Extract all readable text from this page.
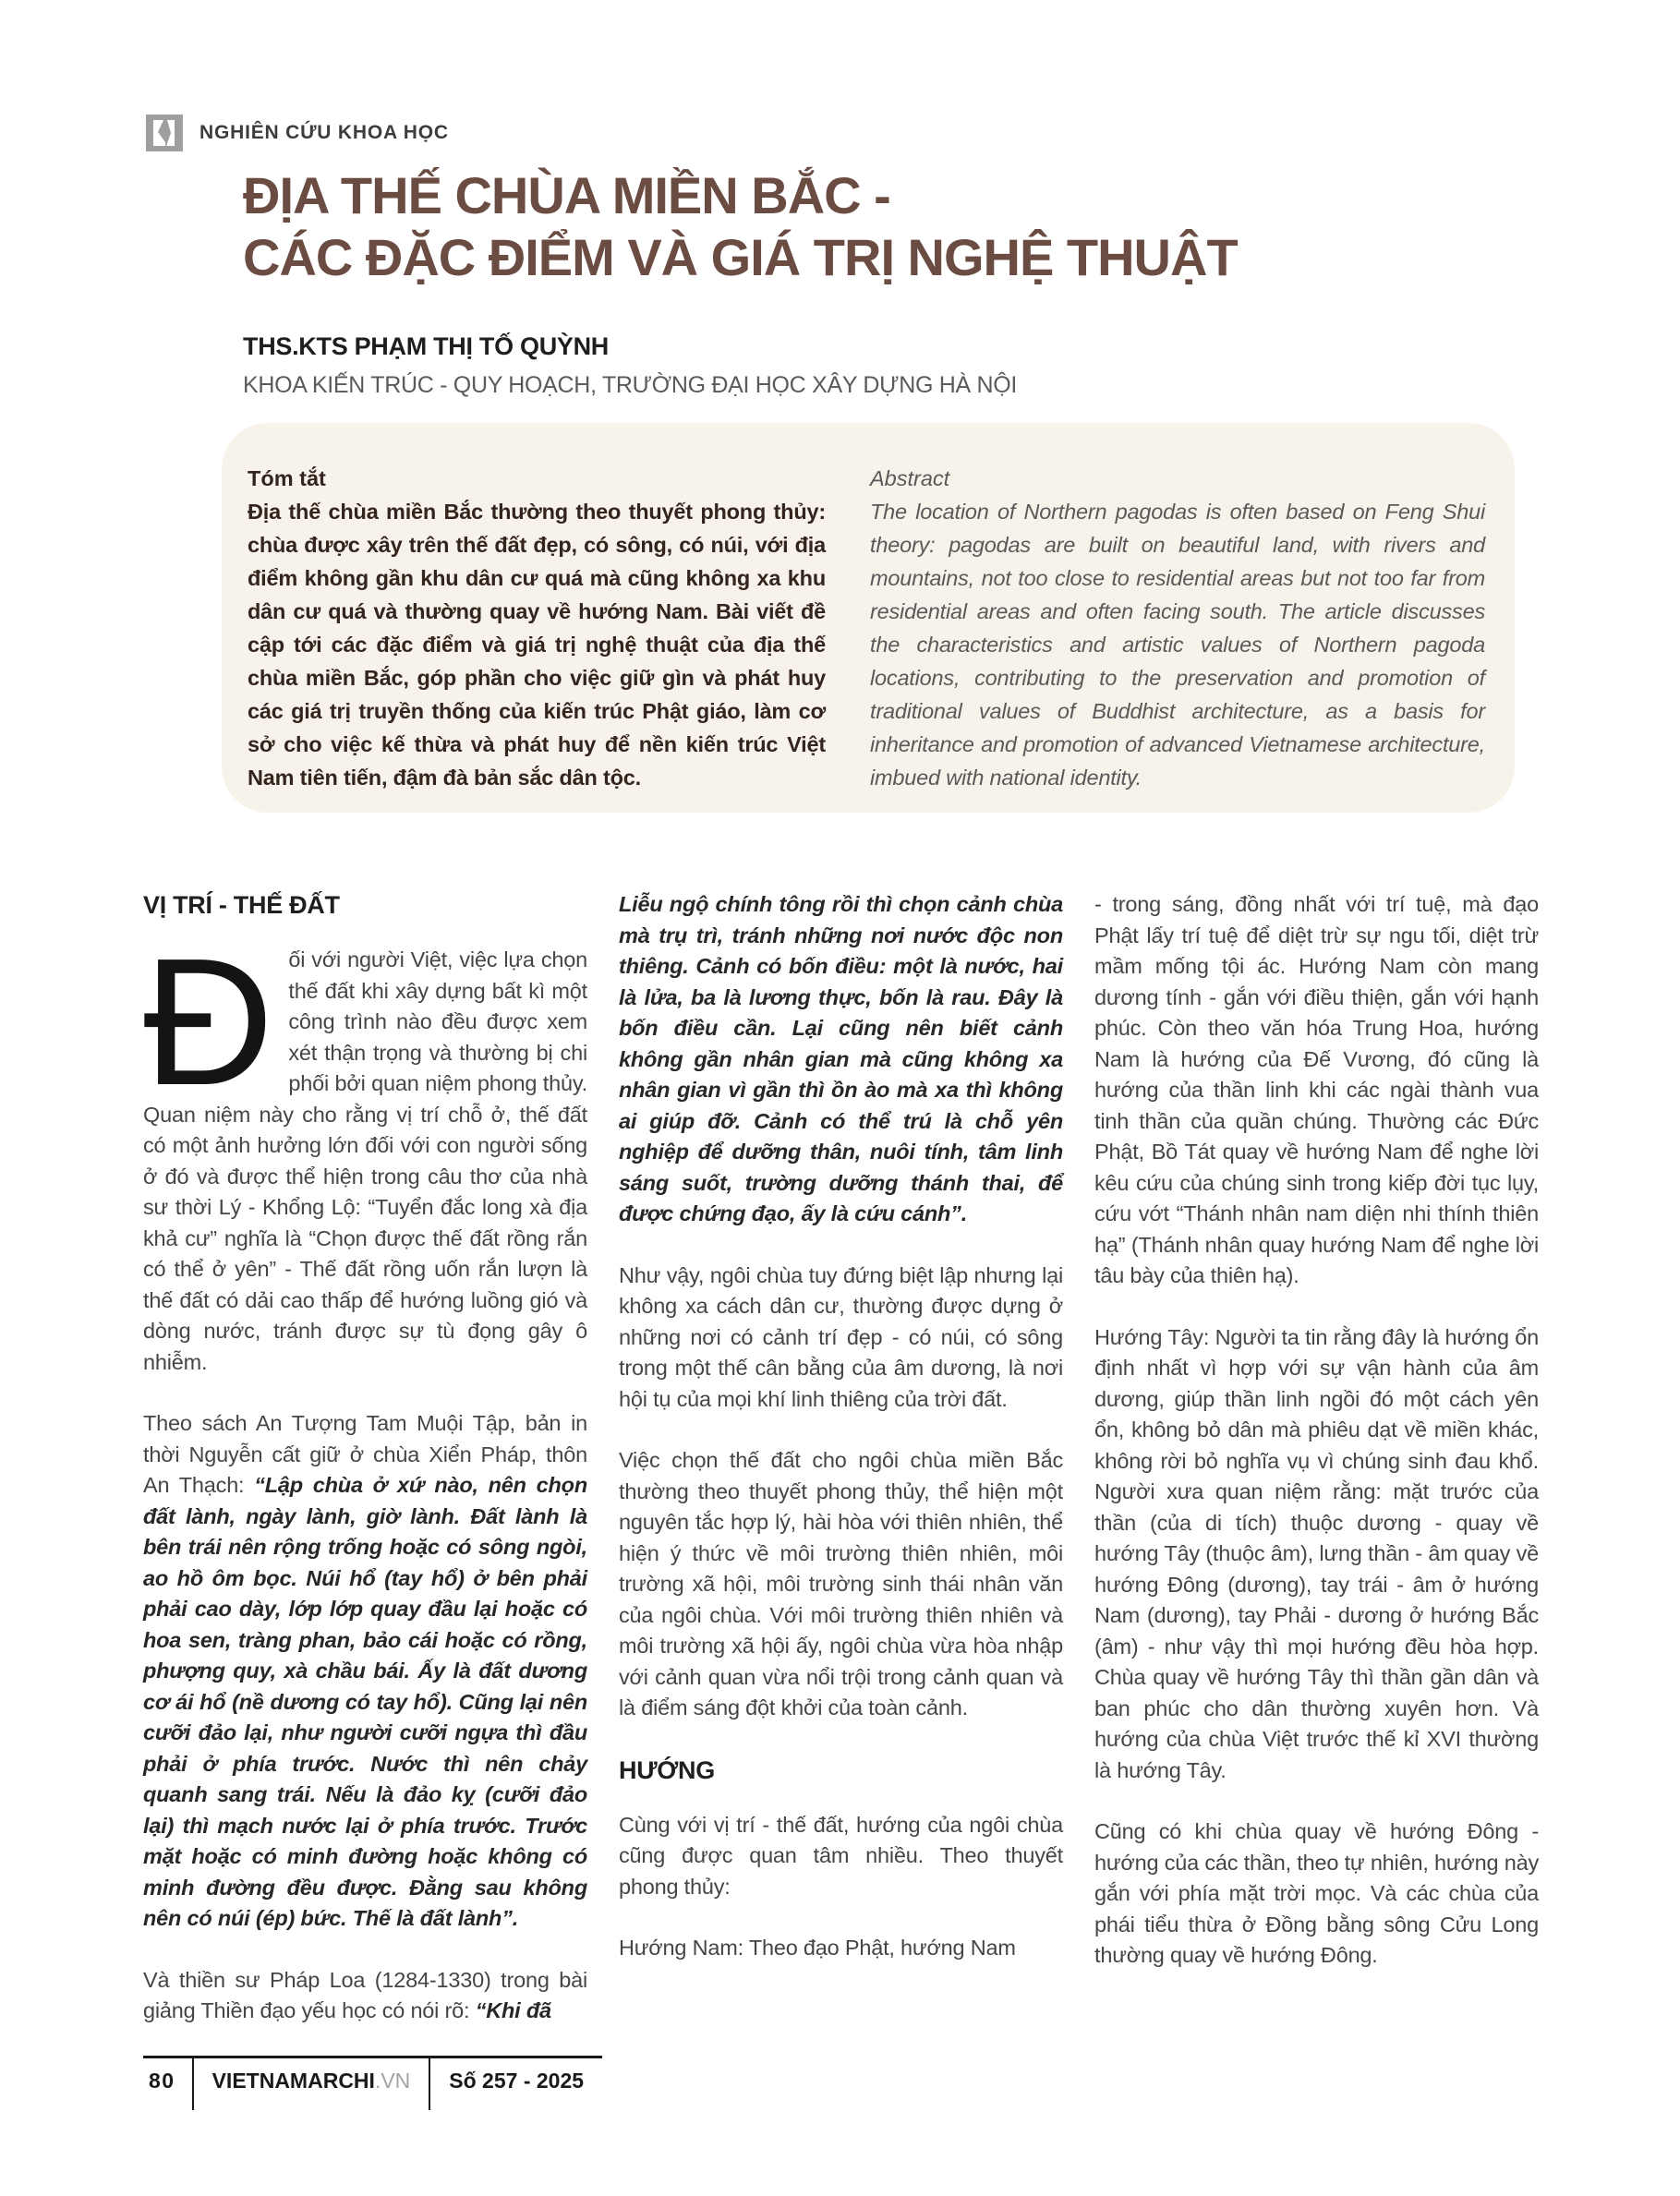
NGHIÊN CỨU KHOA HỌC
ĐỊA THẾ CHÙA MIỀN BẮC -
CÁC ĐẶC ĐIỂM VÀ GIÁ TRỊ NGHỆ THUẬT
THS.KTS PHẠM THỊ TỐ QUỲNH
KHOA KIẾN TRÚC - QUY HOẠCH, TRƯỜNG ĐẠI HỌC XÂY DỰNG HÀ NỘI
Tóm tắt

Địa thế chùa miền Bắc thường theo thuyết phong thủy: chùa được xây trên thế đất đẹp, có sông, có núi, với địa điểm không gần khu dân cư quá mà cũng không xa khu dân cư quá và thường quay về hướng Nam. Bài viết đề cập tới các đặc điểm và giá trị nghệ thuật của địa thế chùa miền Bắc, góp phần cho việc giữ gìn và phát huy các giá trị truyền thống của kiến trúc Phật giáo, làm cơ sở cho việc kế thừa và phát huy để nền kiến trúc Việt Nam tiên tiến, đậm đà bản sắc dân tộc.

Abstract

The location of Northern pagodas is often based on Feng Shui theory: pagodas are built on beautiful land, with rivers and mountains, not too close to residential areas but not too far from residential areas and often facing south. The article discusses the characteristics and artistic values of Northern pagoda locations, contributing to the preservation and promotion of traditional values of Buddhist architecture, as a basis for inheritance and promotion of advanced Vietnamese architecture, imbued with national identity.

VỊ TRÍ - THẾ ĐẤT

Đối với người Việt, việc lựa chọn thế đất khi xây dựng bất kì một công trình nào đều được xem xét thận trọng và thường bị chi phối bởi quan niệm phong thủy. Quan niệm này cho rằng vị trí chỗ ở, thế đất có một ảnh hưởng lớn đối với con người sống ở đó và được thể hiện trong câu thơ của nhà sư thời Lý - Khổng Lộ: “Tuyển đắc long xà địa khả cư” nghĩa là “Chọn được thế đất rồng rắn có thể ở yên” - Thế đất rồng uốn rắn lượn là thế đất có dải cao thấp để hướng luồng gió và dòng nước, tránh được sự tù đọng gây ô nhiễm.

Theo sách An Tượng Tam Muội Tập, bản in thời Nguyễn cất giữ ở chùa Xiển Pháp, thôn An Thạch: “Lập chùa ở xứ nào, nên chọn đất lành, ngày lành, giờ lành. Đất lành là bên trái nên rộng trống hoặc có sông ngòi, ao hồ ôm bọc. Núi hổ (tay hổ) ở bên phải phải cao dày, lớp lớp quay đầu lại hoặc có hoa sen, tràng phan, bảo cái hoặc có rồng, phượng quy, xà chầu bái. Ấy là đất dương cơ ái hổ (nề dương có tay hổ). Cũng lại nên cưỡi đảo lại, như người cưỡi ngựa thì đầu phải ở phía trước. Nước thì nên chảy quanh sang trái. Nếu là đảo kỵ (cưỡi đảo lại) thì mạch nước lại ở phía trước. Trước mặt hoặc có minh đường hoặc không có minh đường đều được. Đằng sau không nên có núi (ép) bức. Thế là đất lành”.

Và thiền sư Pháp Loa (1284-1330) trong bài giảng Thiền đạo yếu học có nói rõ: “Khi đã

Liễu ngộ chính tông rồi thì chọn cảnh chùa mà trụ trì, tránh những nơi nước độc non thiêng. Cảnh có bốn điều: một là nước, hai là lửa, ba là lương thực, bốn là rau. Đây là bốn điều cần. Lại cũng nên biết cảnh không gần nhân gian mà cũng không xa nhân gian vì gần thì ồn ào mà xa thì không ai giúp đỡ. Cảnh có thể trú là chỗ yên nghiệp để dưỡng thân, nuôi tính, tâm linh sáng suốt, trường dưỡng thánh thai, để được chứng đạo, ấy là cứu cánh”.

Như vậy, ngôi chùa tuy đứng biệt lập nhưng lại không xa cách dân cư, thường được dựng ở những nơi có cảnh trí đẹp - có núi, có sông trong một thế cân bằng của âm dương, là nơi hội tụ của mọi khí linh thiêng của trời đất.

Việc chọn thế đất cho ngôi chùa miền Bắc thường theo thuyết phong thủy, thể hiện một nguyên tắc hợp lý, hài hòa với thiên nhiên, thể hiện ý thức về môi trường thiên nhiên, môi trường xã hội, môi trường sinh thái nhân văn của ngôi chùa. Với môi trường thiên nhiên và môi trường xã hội ấy, ngôi chùa vừa hòa nhập với cảnh quan vừa nổi trội trong cảnh quan và là điểm sáng đột khởi của toàn cảnh.

HƯỚNG

Cùng với vị trí - thế đất, hướng của ngôi chùa cũng được quan tâm nhiều. Theo thuyết phong thủy:

Hướng Nam: Theo đạo Phật, hướng Nam

- trong sáng, đồng nhất với trí tuệ, mà đạo Phật lấy trí tuệ để diệt trừ sự ngu tối, diệt trừ mầm mống tội ác. Hướng Nam còn mang dương tính - gắn với điều thiện, gắn với hạnh phúc. Còn theo văn hóa Trung Hoa, hướng Nam là hướng của Đế Vương, đó cũng là hướng của thần linh khi các ngài thành vua tinh thần của quần chúng. Thường các Đức Phật, Bồ Tát quay về hướng Nam để nghe lời kêu cứu của chúng sinh trong kiếp đời tục lụy, cứu vớt “Thánh nhân nam diện nhi thính thiên hạ” (Thánh nhân quay hướng Nam để nghe lời tâu bày của thiên hạ).

Hướng Tây: Người ta tin rằng đây là hướng ổn định nhất vì hợp với sự vận hành của âm dương, giúp thần linh ngồi đó một cách yên ổn, không bỏ dân mà phiêu dạt về miền khác, không rời bỏ nghĩa vụ vì chúng sinh đau khổ. Người xưa quan niệm rằng: mặt trước của thần (của di tích) thuộc dương - quay về hướng Tây (thuộc âm), lưng thần - âm quay về hướng Đông (dương), tay trái - âm ở hướng Nam (dương), tay Phải - dương ở hướng Bắc (âm) - như vậy thì mọi hướng đều hòa hợp. Chùa quay về hướng Tây thì thần gần dân và ban phúc cho dân thường xuyên hơn. Và hướng của chùa Việt trước thế kỉ XVI thường là hướng Tây.

Cũng có khi chùa quay về hướng Đông - hướng của các thần, theo tự nhiên, hướng này gắn với phía mặt trời mọc. Và các chùa của phái tiểu thừa ở Đồng bằng sông Cửu Long thường quay về hướng Đông.

80	VIETNAMARCHI.VN	Số 257 - 2025
